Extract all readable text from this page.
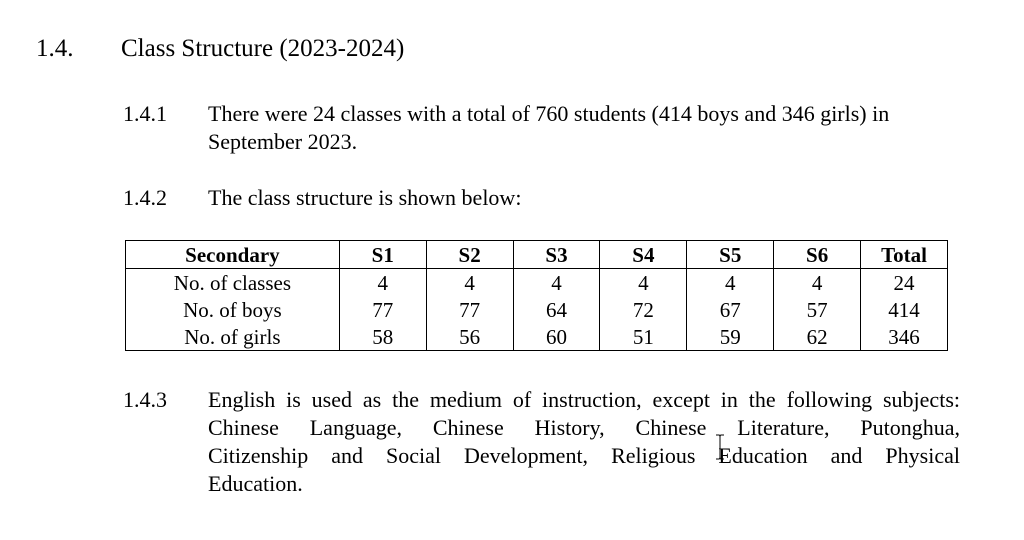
1.4. Class Structure (2023-2024)
1.4.1 There were 24 classes with a total of 760 students (414 boys and 346 girls) in
September 2023.
1.4.2 The class structure is shown below:
Secondary	S1	S2	S3	S4	S5	S6	Total
No. of classes	4	4	4	4	4	4	24
No. of boys	77	77	64	72	67	57	414
No. of girls	58	56	60	51	59	62	346
1.4.3 English is used as the medium of instruction, except in the following subjects:
Chinese Language, Chinese History, Chinese Literature, Putonghua,
Citizenship and Social Development, Religious Education and Physical
Education.
